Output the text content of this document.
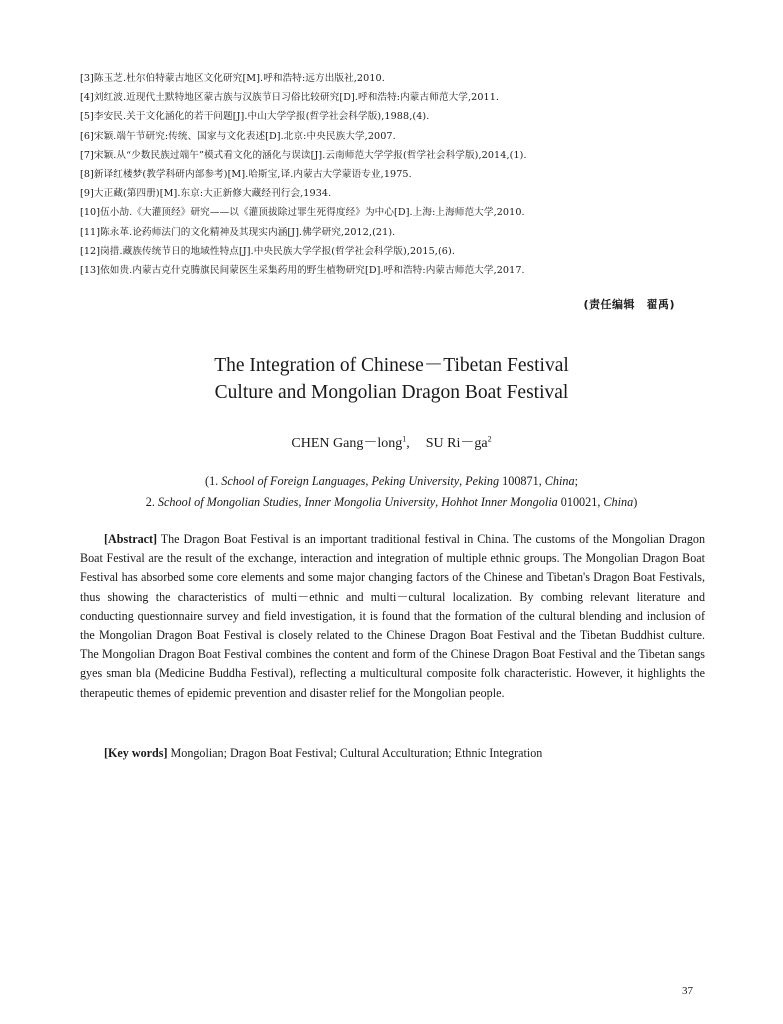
[3]陈玉芝.杜尔伯特蒙古地区文化研究[M].呼和浩特:远方出版社,2010.
[4]刘红波.近现代土默特地区蒙古族与汉族节日习俗比较研究[D].呼和浩特:内蒙古师范大学,2011.
[5]李安民.关于文化涵化的若干问题[J].中山大学学报(哲学社会科学版),1988,(4).
[6]宋颖.端午节研究:传统、国家与文化表述[D].北京:中央民族大学,2007.
[7]宋颖.从“少数民族过端午”模式看文化的涵化与误读[J].云南师范大学学报(哲学社会科学版),2014,(1).
[8]新译红楼梦(教学科研内部参考)[M].哈斯宝,译.内蒙古大学蒙语专业,1975.
[9]大正藏(第四册)[M].东京:大正新修大藏经刊行会,1934.
[10]伍小劼.《大灌顶经》研究——以《灌顶拔除过罪生死得度经》为中心[D].上海:上海师范大学,2010.
[11]陈永革.论药师法门的文化精神及其现实内涵[J].佛学研究,2012,(21).
[12]岗措.藏族传统节日的地域性特点[J].中央民族大学学报(哲学社会科学版),2015,(6).
[13]依如贵.内蒙古克什克腾旗民间蒙医生采集药用的野生植物研究[D].呼和浩特:内蒙古师范大学,2017.
(责任编辑　翟禹)
The Integration of Chinese－Tibetan Festival
Culture and Mongolian Dragon Boat Festival
CHEN Gang－long$^1$, SU $Ri-ga^2$
(1. School of Foreign Languages, Peking University, Peking 100871, China;
2. School of Mongolian Studies, Inner Mongolia University, Hohhot Inner Mongolia 010021, China)

[Abstract] The Dragon Boat Festival is an important traditional festival in China. The customs of the Mongolian Dragon Boat Festival are the result of the exchange, interaction and integration of multiple ethnic groups. The Mongolian Dragon Boat Festival has absorbed some core elements and some major changing factors of the Chinese and Tibetan's Dragon Boat Festivals, thus showing the characteristics of multi－ethnic and multi－cultural localization. By combing relevant literature and conducting questionnaire survey and field investigation, it is found that the formation of the cultural blending and inclusion of the Mongolian Dragon Boat Festival is closely related to the Chinese Dragon Boat Festival and the Tibetan Buddhist culture. The Mongolian Dragon Boat Festival combines the content and form of the Chinese Dragon Boat Festival and the Tibetan sangs gyes sman bla (Medicine Buddha Festival), reflecting a multicultural composite folk characteristic. However, it highlights the therapeutic themes of epidemic prevention and disaster relief for the Mongolian people.

[Key words] Mongolian; Dragon Boat Festival; Cultural Acculturation; Ethnic Integration

37
